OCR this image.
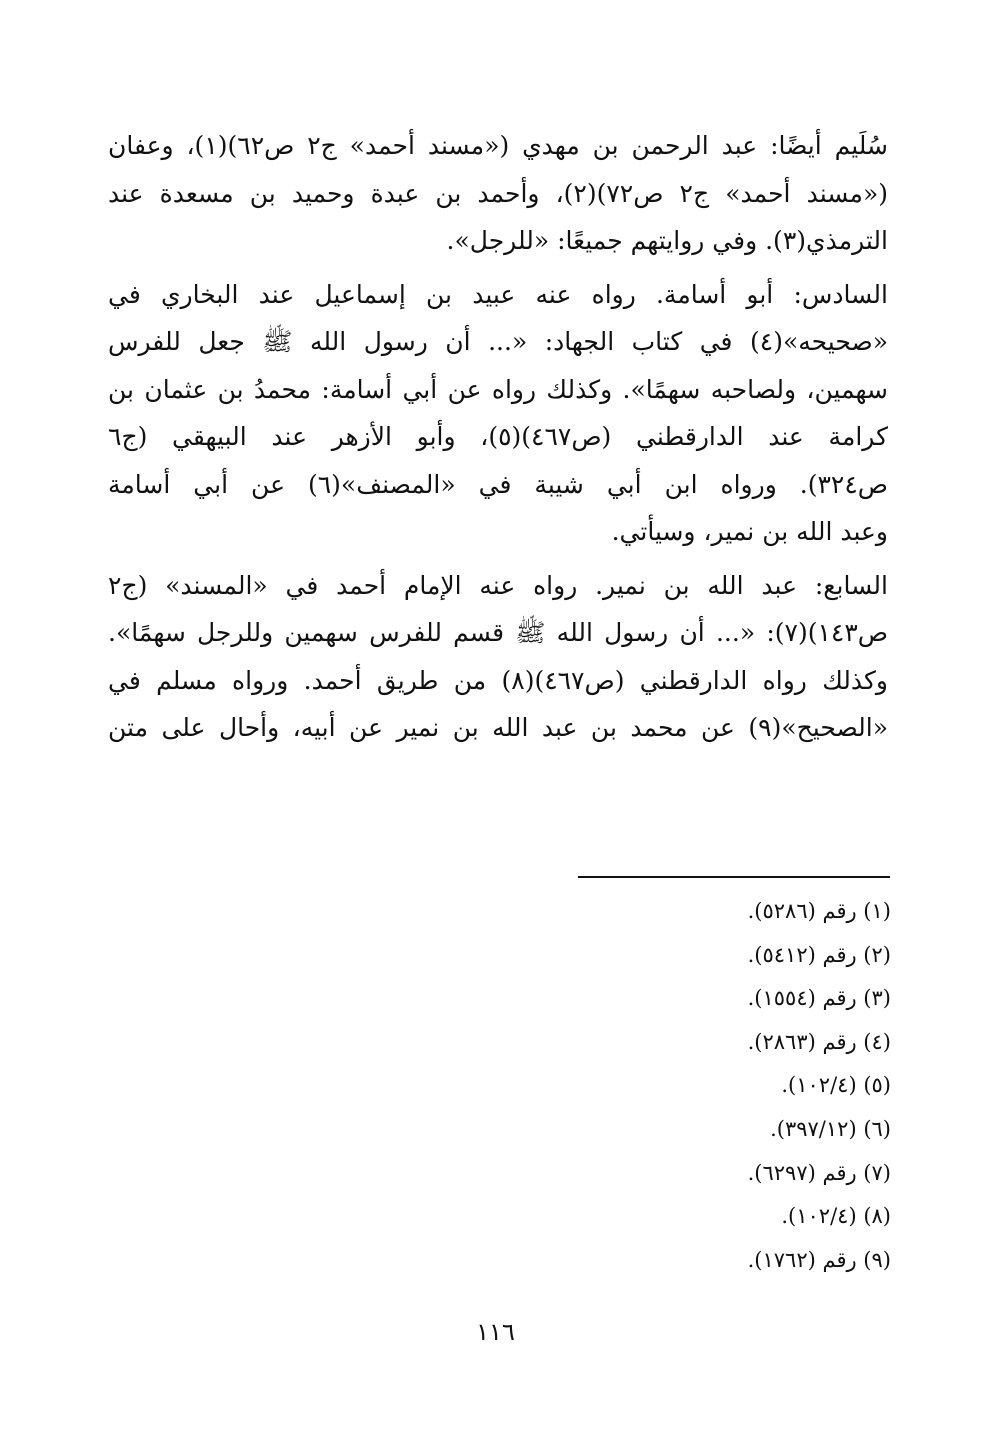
سُلَيم أيضًا: عبد الرحمن بن مهدي («مسند أحمد» ج٢ ص٦٢)(١)، وعفان
(«مسند أحمد» ج٢ ص٧٢)(٢)، وأحمد بن عبدة وحميد بن مسعدة عند
الترمذي(٣). وفي روايتهم جميعًا: «للرجل».
السادس: أبو أسامة. رواه عنه عبيد بن إسماعيل عند البخاري في
«صحيحه»(٤) في كتاب الجهاد: «... أن رسول الله ﷺ جعل للفرس
سهمين، ولصاحبه سهمًا». وكذلك رواه عن أبي أسامة: محمدُ بن عثمان بن
كرامة عند الدارقطني (ص٤٦٧)(٥)، وأبو الأزهر عند البيهقي (ج٦
ص٣٢٤). ورواه ابن أبي شيبة في «المصنف»(٦) عن أبي أسامة
وعبد الله بن نمير، وسيأتي.
السابع: عبد الله بن نمير. رواه عنه الإمام أحمد في «المسند» (ج٢
ص١٤٣)(٧): «... أن رسول الله ﷺ قسم للفرس سهمين وللرجل سهمًا».
وكذلك رواه الدارقطني (ص٤٦٧)(٨) من طريق أحمد. ورواه مسلم في
«الصحيح»(٩) عن محمد بن عبد الله بن نمير عن أبيه، وأحال على متن
(١) رقم (٥٢٨٦).
(٢) رقم (٥٤١٢).
(٣) رقم (١٥٥٤).
(٤) رقم (٢٨٦٣).
(٥) (١٠٢/٤).
(٦) (٣٩٧/١٢).
(٧) رقم (٦٢٩٧).
(٨) (١٠٢/٤).
(٩) رقم (١٧٦٢).
١١٦
